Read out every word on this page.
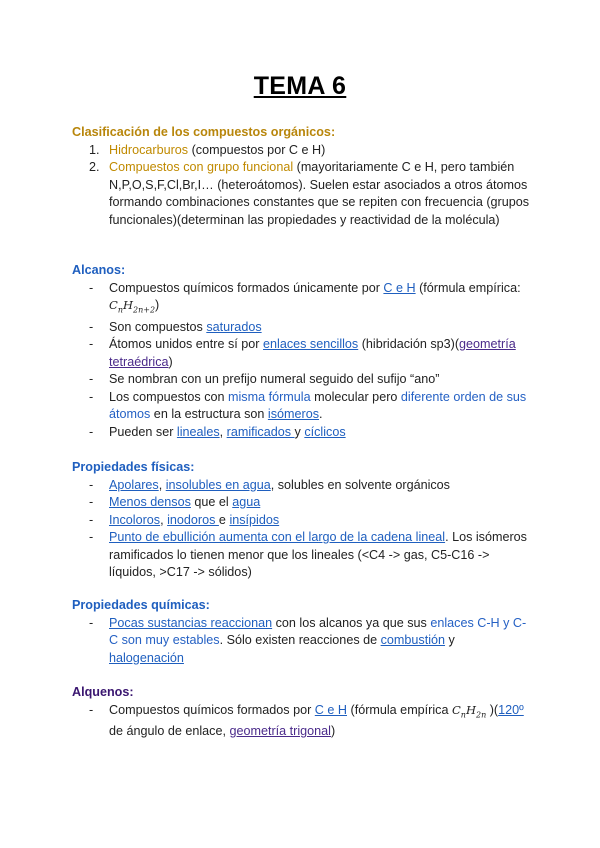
TEMA 6

Clasificación de los compuestos orgánicos:

1. Hidrocarburos (compuestos por C e H)
2. Compuestos con grupo funcional (mayoritariamente C e H, pero también N,P,O,S,F,Cl,Br,I… (heteroátomos). Suelen estar asociados a otros átomos formando combinaciones constantes que se repiten con frecuencia (grupos funcionales)(determinan las propiedades y reactividad de la molécula)

Alcanos:

- Compuestos químicos formados únicamente por C e H (fórmula empírica: $C_nH_{2n+2}$)
- Son compuestos saturados
- Átomos unidos entre sí por enlaces sencillos (hibridación sp3)(geometría tetraédrica)
- Se nombran con un prefijo numeral seguido del sufijo “ano”
- Los compuestos con misma fórmula molecular pero diferente orden de sus átomos en la estructura son isómeros.
- Pueden ser lineales, ramificados y cíclicos

Propiedades físicas:

- Apolares, insolubles en agua, solubles en solvente orgánicos
- Menos densos que el agua
- Incoloros, inodoros e insípidos
- Punto de ebullición aumenta con el largo de la cadena lineal. Los isómeros ramificados lo tienen menor que los lineales (<C4 -> gas, C5-C16 -> líquidos, >C17 -> sólidos)

Propiedades químicas:

- Pocas sustancias reaccionan con los alcanos ya que sus enlaces C-H y C-C son muy estables. Sólo existen reacciones de combustión y halogenación

Alquenos:

- Compuestos químicos formados por C e H (fórmula empírica $C_nH_{2n}$ )(120º de ángulo de enlace, geometría trigonal)
